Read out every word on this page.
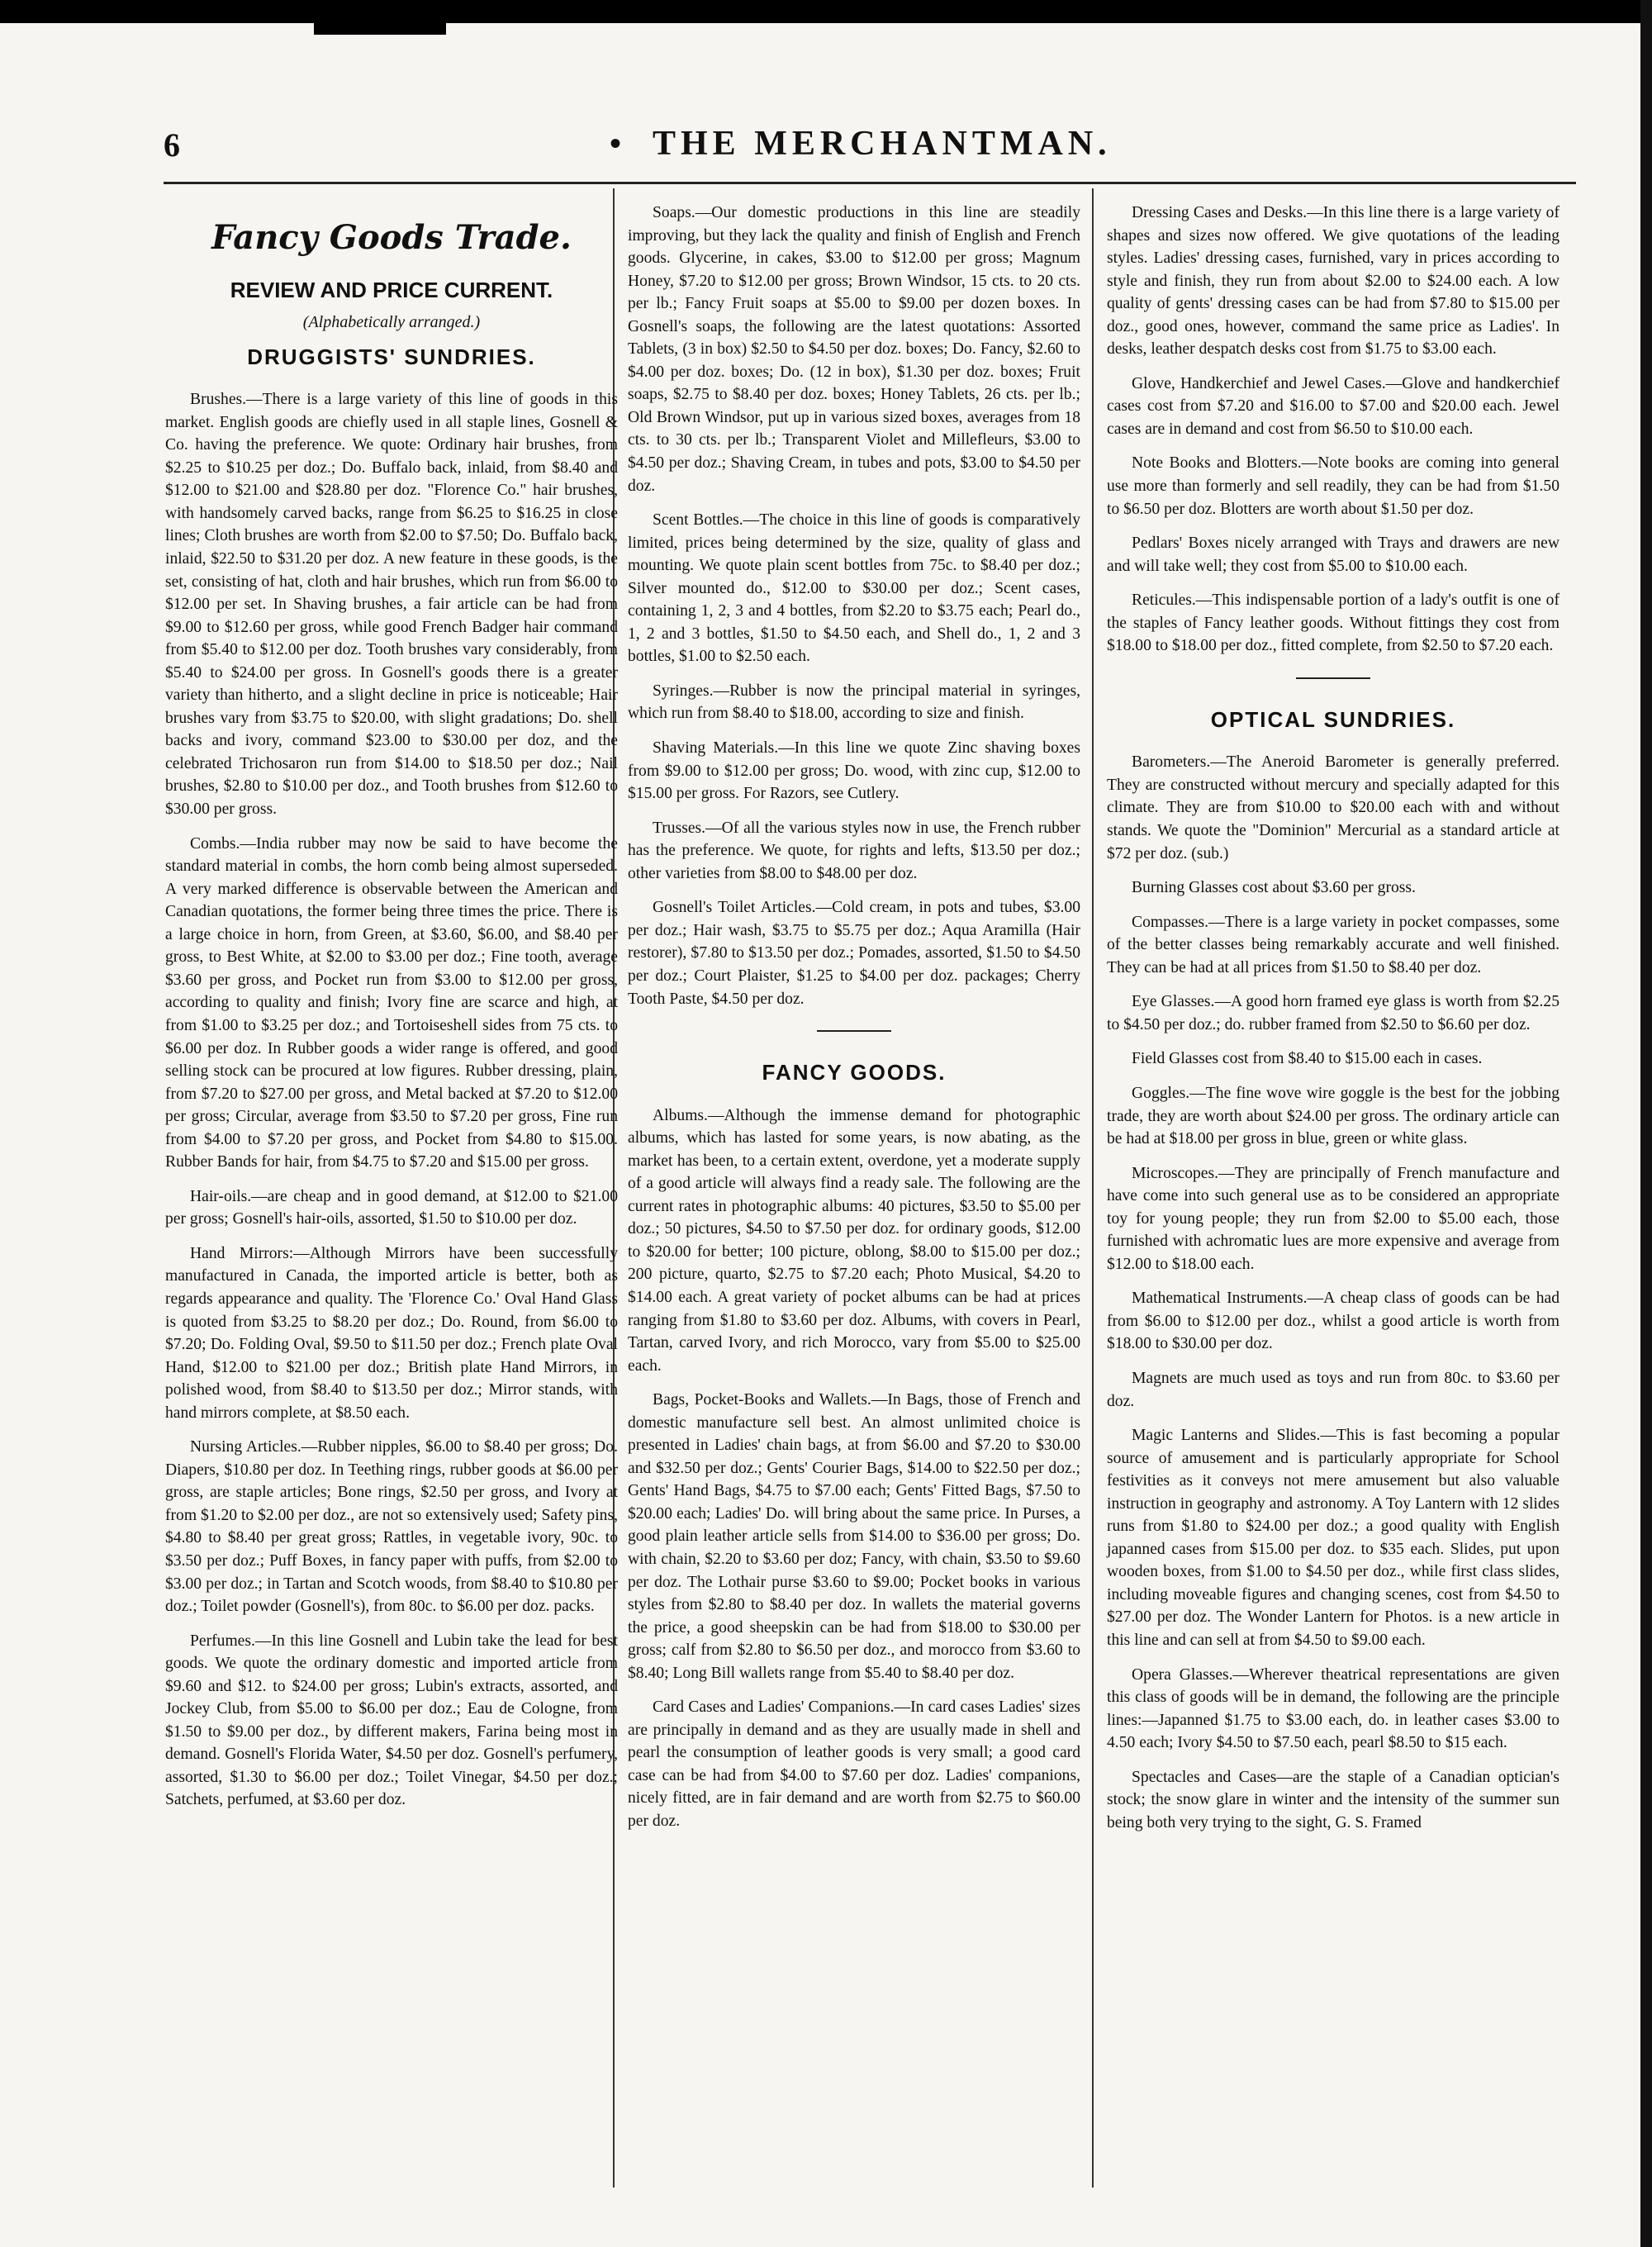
6	• THE MERCHANTMAN.
Fancy Goods Trade.
REVIEW AND PRICE CURRENT.
(Alphabetically arranged.)
DRUGGISTS' SUNDRIES.

Brushes.—There is a large variety of this line of goods in this market. English goods are chiefly used in all staple lines, Gosnell & Co. having the preference. We quote: Ordinary hair brushes, from $2.25 to $10.25 per doz.; Do. Buffalo back, inlaid, from $8.40 and $12.00 to $21.00 and $28.80 per doz. "Florence Co." hair brushes, with handsomely carved backs, range from $6.25 to $16.25 in close lines; Cloth brushes are worth from $2.00 to $7.50; Do. Buffalo back, inlaid, $22.50 to $31.20 per doz. A new feature in these goods, is the set, consisting of hat, cloth and hair brushes, which run from $6.00 to $12.00 per set. In Shaving brushes, a fair article can be had from $9.00 to $12.60 per gross, while good French Badger hair command from $5.40 to $12.00 per doz. Tooth brushes vary considerably, from $5.40 to $24.00 per gross. In Gosnell's goods there is a greater variety than hitherto, and a slight decline in price is noticeable; Hair brushes vary from $3.75 to $20.00, with slight gradations; Do. shell backs and ivory, command $23.00 to $30.00 per doz, and the celebrated Trichosaron run from $14.00 to $18.50 per doz.; Nail brushes, $2.80 to $10.00 per doz., and Tooth brushes from $12.60 to $30.00 per gross.

Combs.—India rubber may now be said to have become the standard material in combs, the horn comb being almost superseded. A very marked difference is observable between the American and Canadian quotations, the former being three times the price. There is a large choice in horn, from Green, at $3.60, $6.00, and $8.40 per gross, to Best White, at $2.00 to $3.00 per doz.; Fine tooth, average $3.60 per gross, and Pocket run from $3.00 to $12.00 per gross, according to quality and finish; Ivory fine are scarce and high, at from $1.00 to $3.25 per doz.; and Tortoiseshell sides from 75 cts. to $6.00 per doz. In Rubber goods a wider range is offered, and good selling stock can be procured at low figures. Rubber dressing, plain, from $7.20 to $27.00 per gross, and Metal backed at $7.20 to $12.00 per gross; Circular, average from $3.50 to $7.20 per gross, Fine run from $4.00 to $7.20 per gross, and Pocket from $4.80 to $15.00. Rubber Bands for hair, from $4.75 to $7.20 and $15.00 per gross.

Hair-oils.—are cheap and in good demand, at $12.00 to $21.00 per gross; Gosnell's hair-oils, assorted, $1.50 to $10.00 per doz.

Hand Mirrors:—Although Mirrors have been successfully manufactured in Canada, the imported article is better, both as regards appearance and quality. The 'Florence Co.' Oval Hand Glass is quoted from $3.25 to $8.20 per doz.; Do. Round, from $6.00 to $7.20; Do. Folding Oval, $9.50 to $11.50 per doz.; French plate Oval Hand, $12.00 to $21.00 per doz.; British plate Hand Mirrors, in polished wood, from $8.40 to $13.50 per doz.; Mirror stands, with hand mirrors complete, at $8.50 each.

Nursing Articles.—Rubber nipples, $6.00 to $8.40 per gross; Do. Diapers, $10.80 per doz. In Teething rings, rubber goods at $6.00 per gross, are staple articles; Bone rings, $2.50 per gross, and Ivory at from $1.20 to $2.00 per doz., are not so extensively used; Safety pins, $4.80 to $8.40 per great gross; Rattles, in vegetable ivory, 90c. to $3.50 per doz.; Puff Boxes, in fancy paper with puffs, from $2.00 to $3.00 per doz.; in Tartan and Scotch woods, from $8.40 to $10.80 per doz.; Toilet powder (Gosnell's), from 80c. to $6.00 per doz. packs.

Perfumes.—In this line Gosnell and Lubin take the lead for best goods. We quote the ordinary domestic and imported article from $9.60 and $12. to $24.00 per gross; Lubin's extracts, assorted, and Jockey Club, from $5.00 to $6.00 per doz.; Eau de Cologne, from $1.50 to $9.00 per doz., by different makers, Farina being most in demand. Gosnell's Florida Water, $4.50 per doz. Gosnell's perfumery, assorted, $1.30 to $6.00 per doz.; Toilet Vinegar, $4.50 per doz.; Satchets, perfumed, at $3.60 per doz.

Soaps.—Our domestic productions in this line are steadily improving, but they lack the quality and finish of English and French goods. Glycerine, in cakes, $3.00 to $12.00 per gross; Magnum Honey, $7.20 to $12.00 per gross; Brown Windsor, 15 cts. to 20 cts. per lb.; Fancy Fruit soaps at $5.00 to $9.00 per dozen boxes. In Gosnell's soaps, the following are the latest quotations: Assorted Tablets, (3 in box) $2.50 to $4.50 per doz. boxes; Do. Fancy, $2.60 to $4.00 per doz. boxes; Do. (12 in box), $1.30 per doz. boxes; Fruit soaps, $2.75 to $8.40 per doz. boxes; Honey Tablets, 26 cts. per lb.; Old Brown Windsor, put up in various sized boxes, averages from 18 cts. to 30 cts. per lb.; Transparent Violet and Millefleurs, $3.00 to $4.50 per doz.; Shaving Cream, in tubes and pots, $3.00 to $4.50 per doz.

Scent Bottles.—The choice in this line of goods is comparatively limited, prices being determined by the size, quality of glass and mounting. We quote plain scent bottles from 75c. to $8.40 per doz.; Silver mounted do., $12.00 to $30.00 per doz.; Scent cases, containing 1, 2, 3 and 4 bottles, from $2.20 to $3.75 each; Pearl do., 1, 2 and 3 bottles, $1.50 to $4.50 each, and Shell do., 1, 2 and 3 bottles, $1.00 to $2.50 each.

Syringes.—Rubber is now the principal material in syringes, which run from $8.40 to $18.00, according to size and finish.

Shaving Materials.—In this line we quote Zinc shaving boxes from $9.00 to $12.00 per gross; Do. wood, with zinc cup, $12.00 to $15.00 per gross. For Razors, see Cutlery.

Trusses.—Of all the various styles now in use, the French rubber has the preference. We quote, for rights and lefts, $13.50 per doz.; other varieties from $8.00 to $48.00 per doz.

Gosnell's Toilet Articles.—Cold cream, in pots and tubes, $3.00 per doz.; Hair wash, $3.75 to $5.75 per doz.; Aqua Aramilla (Hair restorer), $7.80 to $13.50 per doz.; Pomades, assorted, $1.50 to $4.50 per doz.; Court Plaister, $1.25 to $4.00 per doz. packages; Cherry Tooth Paste, $4.50 per doz.

FANCY GOODS.

Albums.—Although the immense demand for photographic albums, which has lasted for some years, is now abating, as the market has been, to a certain extent, overdone, yet a moderate supply of a good article will always find a ready sale. The following are the current rates in photographic albums: 40 pictures, $3.50 to $5.00 per doz.; 50 pictures, $4.50 to $7.50 per doz. for ordinary goods, $12.00 to $20.00 for better; 100 picture, oblong, $8.00 to $15.00 per doz.; 200 picture, quarto, $2.75 to $7.20 each; Photo Musical, $4.20 to $14.00 each. A great variety of pocket albums can be had at prices ranging from $1.80 to $3.60 per doz. Albums, with covers in Pearl, Tartan, carved Ivory, and rich Morocco, vary from $5.00 to $25.00 each.

Bags, Pocket-Books and Wallets.—In Bags, those of French and domestic manufacture sell best. An almost unlimited choice is presented in Ladies' chain bags, at from $6.00 and $7.20 to $30.00 and $32.50 per doz.; Gents' Courier Bags, $14.00 to $22.50 per doz.; Gents' Hand Bags, $4.75 to $7.00 each; Gents' Fitted Bags, $7.50 to $20.00 each; Ladies' Do. will bring about the same price. In Purses, a good plain leather article sells from $14.00 to $36.00 per gross; Do. with chain, $2.20 to $3.60 per doz; Fancy, with chain, $3.50 to $9.60 per doz. The Lothair purse $3.60 to $9.00; Pocket books in various styles from $2.80 to $8.40 per doz. In wallets the material governs the price, a good sheepskin can be had from $18.00 to $30.00 per gross; calf from $2.80 to $6.50 per doz., and morocco from $3.60 to $8.40; Long Bill wallets range from $5.40 to $8.40 per doz.

Card Cases and Ladies' Companions.—In card cases Ladies' sizes are principally in demand and as they are usually made in shell and pearl the consumption of leather goods is very small; a good card case can be had from $4.00 to $7.60 per doz. Ladies' companions, nicely fitted, are in fair demand and are worth from $2.75 to $60.00 per doz.

Dressing Cases and Desks.—In this line there is a large variety of shapes and sizes now offered. We give quotations of the leading styles. Ladies' dressing cases, furnished, vary in prices according to style and finish, they run from about $2.00 to $24.00 each. A low quality of gents' dressing cases can be had from $7.80 to $15.00 per doz., good ones, however, command the same price as Ladies'. In desks, leather despatch desks cost from $1.75 to $3.00 each.

Glove, Handkerchief and Jewel Cases.—Glove and handkerchief cases cost from $7.20 and $16.00 to $7.00 and $20.00 each. Jewel cases are in demand and cost from $6.50 to $10.00 each.

Note Books and Blotters.—Note books are coming into general use more than formerly and sell readily, they can be had from $1.50 to $6.50 per doz. Blotters are worth about $1.50 per doz.

Pedlars' Boxes nicely arranged with Trays and drawers are new and will take well; they cost from $5.00 to $10.00 each.

Reticules.—This indispensable portion of a lady's outfit is one of the staples of Fancy leather goods. Without fittings they cost from $18.00 to $18.00 per doz., fitted complete, from $2.50 to $7.20 each.

OPTICAL SUNDRIES.

Barometers.—The Aneroid Barometer is generally preferred. They are constructed without mercury and specially adapted for this climate. They are from $10.00 to $20.00 each with and without stands. We quote the "Dominion" Mercurial as a standard article at $72 per doz. (sub.)

Burning Glasses cost about $3.60 per gross.

Compasses.—There is a large variety in pocket compasses, some of the better classes being remarkably accurate and well finished. They can be had at all prices from $1.50 to $8.40 per doz.

Eye Glasses.—A good horn framed eye glass is worth from $2.25 to $4.50 per doz.; do. rubber framed from $2.50 to $6.60 per doz.

Field Glasses cost from $8.40 to $15.00 each in cases.

Goggles.—The fine wove wire goggle is the best for the jobbing trade, they are worth about $24.00 per gross. The ordinary article can be had at $18.00 per gross in blue, green or white glass.

Microscopes.—They are principally of French manufacture and have come into such general use as to be considered an appropriate toy for young people; they run from $2.00 to $5.00 each, those furnished with achromatic lues are more expensive and average from $12.00 to $18.00 each.

Mathematical Instruments.—A cheap class of goods can be had from $6.00 to $12.00 per doz., whilst a good article is worth from $18.00 to $30.00 per doz.

Magnets are much used as toys and run from 80c. to $3.60 per doz.

Magic Lanterns and Slides.—This is fast becoming a popular source of amusement and is particularly appropriate for School festivities as it conveys not mere amusement but also valuable instruction in geography and astronomy. A Toy Lantern with 12 slides runs from $1.80 to $24.00 per doz.; a good quality with English japanned cases from $15.00 per doz. to $35 each. Slides, put upon wooden boxes, from $1.00 to $4.50 per doz., while first class slides, including moveable figures and changing scenes, cost from $4.50 to $27.00 per doz. The Wonder Lantern for Photos. is a new article in this line and can sell at from $4.50 to $9.00 each.

Opera Glasses.—Wherever theatrical representations are given this class of goods will be in demand, the following are the principle lines:—Japanned $1.75 to $3.00 each, do. in leather cases $3.00 to 4.50 each; Ivory $4.50 to $7.50 each, pearl $8.50 to $15 each.

Spectacles and Cases—are the staple of a Canadian optician's stock; the snow glare in winter and the intensity of the summer sun being both very trying to the sight, G. S. Framed
